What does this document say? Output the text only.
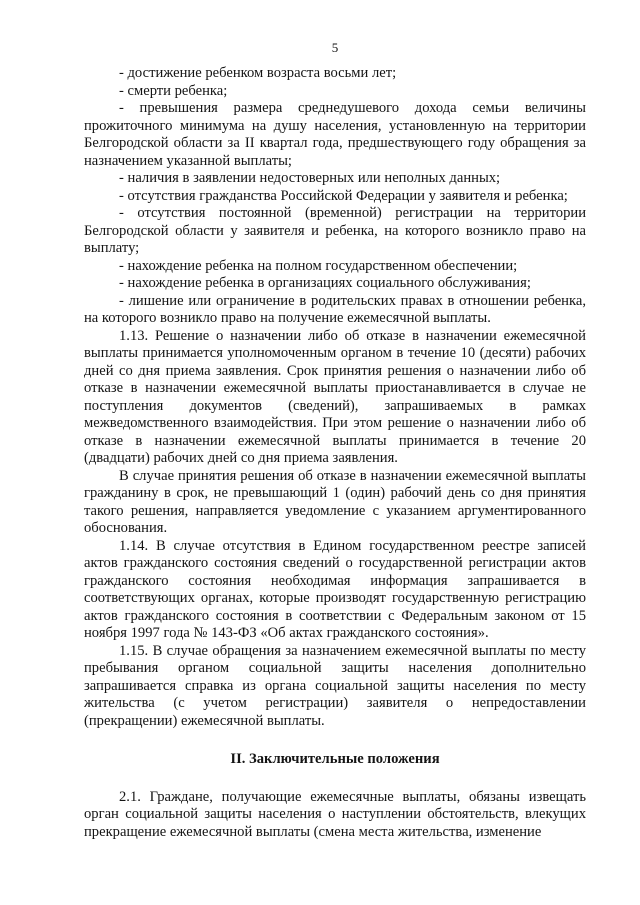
5

- достижение ребенком возраста восьми лет;

- смерти ребенка;

- превышения размера среднедушевого дохода семьи величины прожиточного минимума на душу населения, установленную на территории Белгородской области за II квартал года, предшествующего году обращения за назначением указанной выплаты;

- наличия в заявлении недостоверных или неполных данных;

- отсутствия гражданства Российской Федерации у заявителя и ребенка;

- отсутствия постоянной (временной) регистрации на территории Белгородской области у заявителя и ребенка, на которого возникло право на выплату;

- нахождение ребенка на полном государственном обеспечении;

- нахождение ребенка в организациях социального обслуживания;

- лишение или ограничение в родительских правах в отношении ребенка, на которого возникло право на получение ежемесячной выплаты.

1.13. Решение о назначении либо об отказе в назначении ежемесячной выплаты принимается уполномоченным органом в течение 10 (десяти) рабочих дней со дня приема заявления. Срок принятия решения о назначении либо об отказе в назначении ежемесячной выплаты приостанавливается в случае не поступления документов (сведений), запрашиваемых в рамках межведомственного взаимодействия. При этом решение о назначении либо об отказе в назначении ежемесячной выплаты принимается в течение 20 (двадцати) рабочих дней со дня приема заявления.

В случае принятия решения об отказе в назначении ежемесячной выплаты гражданину в срок, не превышающий 1 (один) рабочий день со дня принятия такого решения, направляется уведомление с указанием аргументированного обоснования.

1.14. В случае отсутствия в Едином государственном реестре записей актов гражданского состояния сведений о государственной регистрации актов гражданского состояния необходимая информация запрашивается в соответствующих органах, которые производят государственную регистрацию актов гражданского состояния в соответствии с Федеральным законом от 15 ноября 1997 года № 143-ФЗ «Об актах гражданского состояния».

1.15. В случае обращения за назначением ежемесячной выплаты по месту пребывания органом социальной защиты населения дополнительно запрашивается справка из органа социальной защиты населения по месту жительства (с учетом регистрации) заявителя о непредоставлении (прекращении) ежемесячной выплаты.

II. Заключительные положения

2.1. Граждане, получающие ежемесячные выплаты, обязаны извещать орган социальной защиты населения о наступлении обстоятельств, влекущих прекращение ежемесячной выплаты (смена места жительства, изменение
